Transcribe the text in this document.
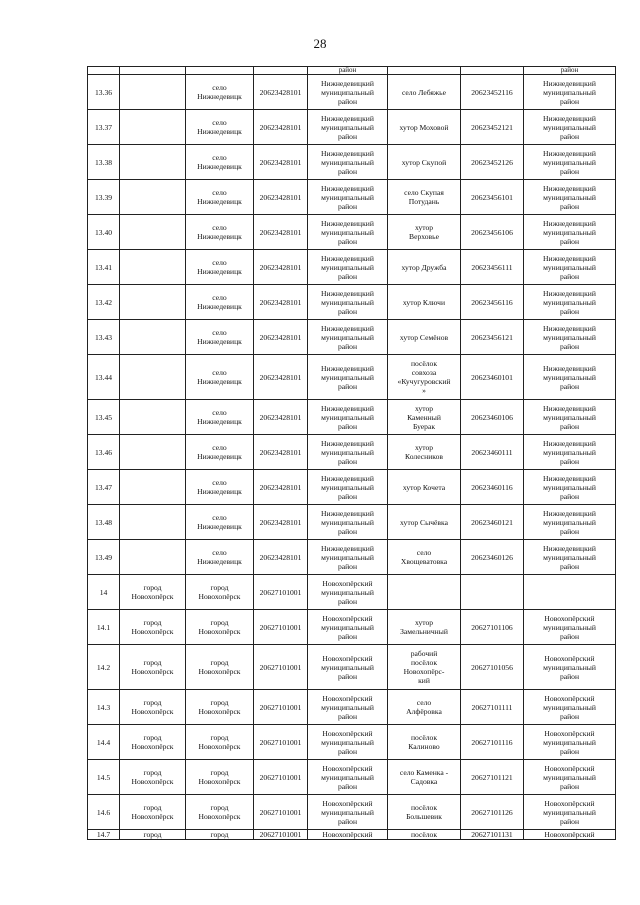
28
				район			район
13.36		село
Нижнедевицк	20623428101	Нижнедевицкий
муниципальный
район	село Лебяжье	20623452116	Нижнедевицкий
муниципальный
район
13.37		село
Нижнедевицк	20623428101	Нижнедевицкий
муниципальный
район	хутор Моховой	20623452121	Нижнедевицкий
муниципальный
район
13.38		село
Нижнедевицк	20623428101	Нижнедевицкий
муниципальный
район	хутор Скупой	20623452126	Нижнедевицкий
муниципальный
район
13.39		село
Нижнедевицк	20623428101	Нижнедевицкий
муниципальный
район	село Скупая
Потудань	20623456101	Нижнедевицкий
муниципальный
район
13.40		село
Нижнедевицк	20623428101	Нижнедевицкий
муниципальный
район	хутор
Верховье	20623456106	Нижнедевицкий
муниципальный
район
13.41		село
Нижнедевицк	20623428101	Нижнедевицкий
муниципальный
район	хутор Дружба	20623456111	Нижнедевицкий
муниципальный
район
13.42		село
Нижнедевицк	20623428101	Нижнедевицкий
муниципальный
район	хутор Ключи	20623456116	Нижнедевицкий
муниципальный
район
13.43		село
Нижнедевицк	20623428101	Нижнедевицкий
муниципальный
район	хутор Семёнов	20623456121	Нижнедевицкий
муниципальный
район
13.44		село
Нижнедевицк	20623428101	Нижнедевицкий
муниципальный
район	посёлок
совхоза
«Кучугуровский
»	20623460101	Нижнедевицкий
муниципальный
район
13.45		село
Нижнедевицк	20623428101	Нижнедевицкий
муниципальный
район	хутор
Каменный
Буерак	20623460106	Нижнедевицкий
муниципальный
район
13.46		село
Нижнедевицк	20623428101	Нижнедевицкий
муниципальный
район	хутор
Колесников	20623460111	Нижнедевицкий
муниципальный
район
13.47		село
Нижнедевицк	20623428101	Нижнедевицкий
муниципальный
район	хутор Кочета	20623460116	Нижнедевицкий
муниципальный
район
13.48		село
Нижнедевицк	20623428101	Нижнедевицкий
муниципальный
район	хутор Сычёвка	20623460121	Нижнедевицкий
муниципальный
район
13.49		село
Нижнедевицк	20623428101	Нижнедевицкий
муниципальный
район	село
Хвощеватовка	20623460126	Нижнедевицкий
муниципальный
район
14	город
Новохопёрск	город
Новохопёрск	20627101001	Новохопёрский
муниципальный
район			
14.1	город
Новохопёрск	город
Новохопёрск	20627101001	Новохопёрский
муниципальный
район	хутор
Замельничный	20627101106	Новохопёрский
муниципальный
район
14.2	город
Новохопёрск	город
Новохопёрск	20627101001	Новохопёрский
муниципальный
район	рабочий
посёлок
Новохопёрс-
кий	20627101056	Новохопёрский
муниципальный
район
14.3	город
Новохопёрск	город
Новохопёрск	20627101001	Новохопёрский
муниципальный
район	село
Алфёровка	20627101111	Новохопёрский
муниципальный
район
14.4	город
Новохопёрск	город
Новохопёрск	20627101001	Новохопёрский
муниципальный
район	посёлок
Калиново	20627101116	Новохопёрский
муниципальный
район
14.5	город
Новохопёрск	город
Новохопёрск	20627101001	Новохопёрский
муниципальный
район	село Каменка -
Садовка	20627101121	Новохопёрский
муниципальный
район
14.6	город
Новохопёрск	город
Новохопёрск	20627101001	Новохопёрский
муниципальный
район	посёлок
Большевик	20627101126	Новохопёрский
муниципальный
район
14.7	город	город	20627101001	Новохопёрский	посёлок	20627101131	Новохопёрский
